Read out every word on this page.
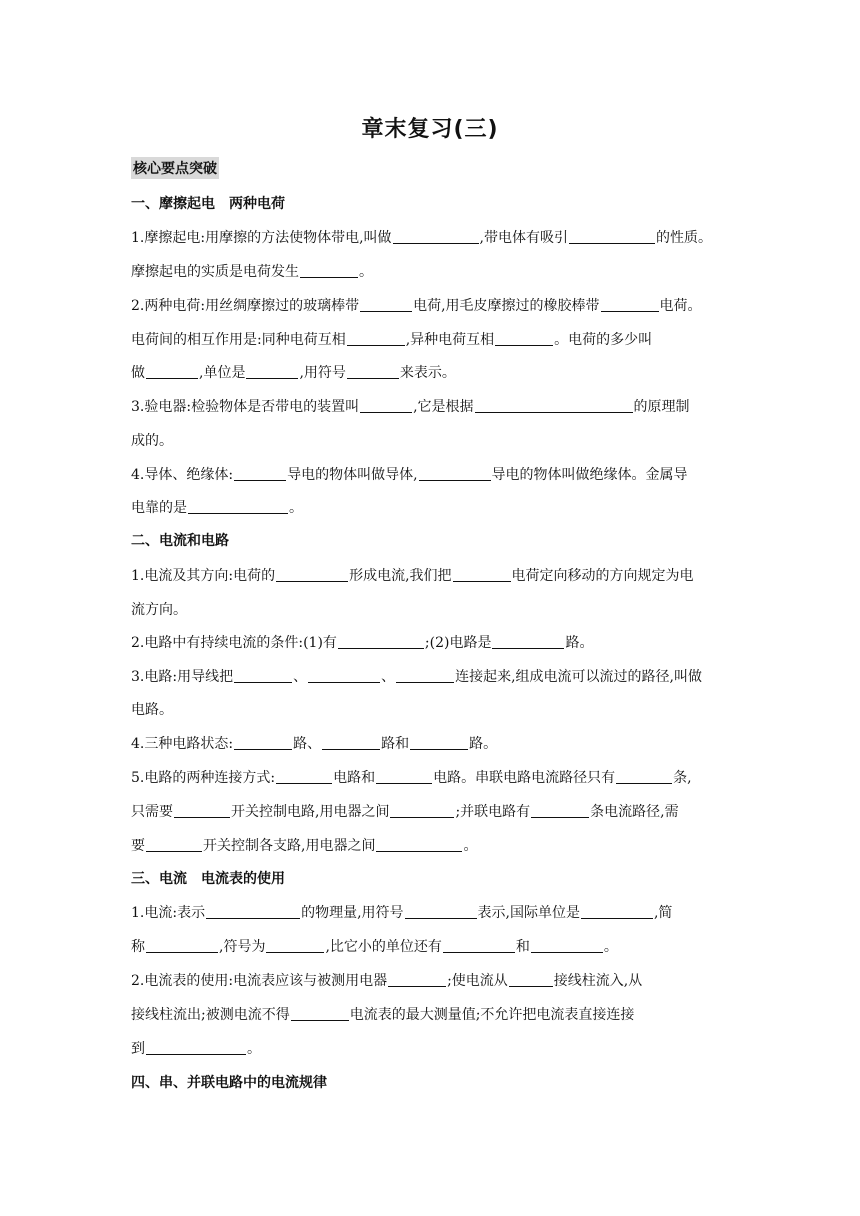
章末复习(三)
核心要点突破
一、摩擦起电　两种电荷
1.摩擦起电:用摩擦的方法使物体带电,叫做	,带电体有吸引	的性质。
摩擦起电的实质是电荷发生	。
2.两种电荷:用丝绸摩擦过的玻璃棒带	电荷,用毛皮摩擦过的橡胶棒带	电荷。
电荷间的相互作用是:同种电荷互相	,异种电荷互相	。电荷的多少叫
做	,单位是	,用符号	来表示。
3.验电器:检验物体是否带电的装置叫	,它是根据	的原理制
成的。
4.导体、绝缘体:	导电的物体叫做导体,	导电的物体叫做绝缘体。金属导
电靠的是	。
二、电流和电路
1.电流及其方向:电荷的	形成电流,我们把	电荷定向移动的方向规定为电
流方向。
2.电路中有持续电流的条件:(1)有	;(2)电路是	路。
3.电路:用导线把	、	、	连接起来,组成电流可以流过的路径,叫做
电路。
4.三种电路状态:	路、	路和	路。
5.电路的两种连接方式:	电路和	电路。串联电路电流路径只有	条,
只需要	开关控制电路,用电器之间	;并联电路有	条电流路径,需
要	开关控制各支路,用电器之间	。
三、电流　电流表的使用
1.电流:表示	的物理量,用符号	表示,国际单位是	,简
称	,符号为	,比它小的单位还有	和	。
2.电流表的使用:电流表应该与被测用电器	;使电流从	接线柱流入,从
接线柱流出;被测电流不得	电流表的最大测量值;不允许把电流表直接连接
到	。
四、串、并联电路中的电流规律
